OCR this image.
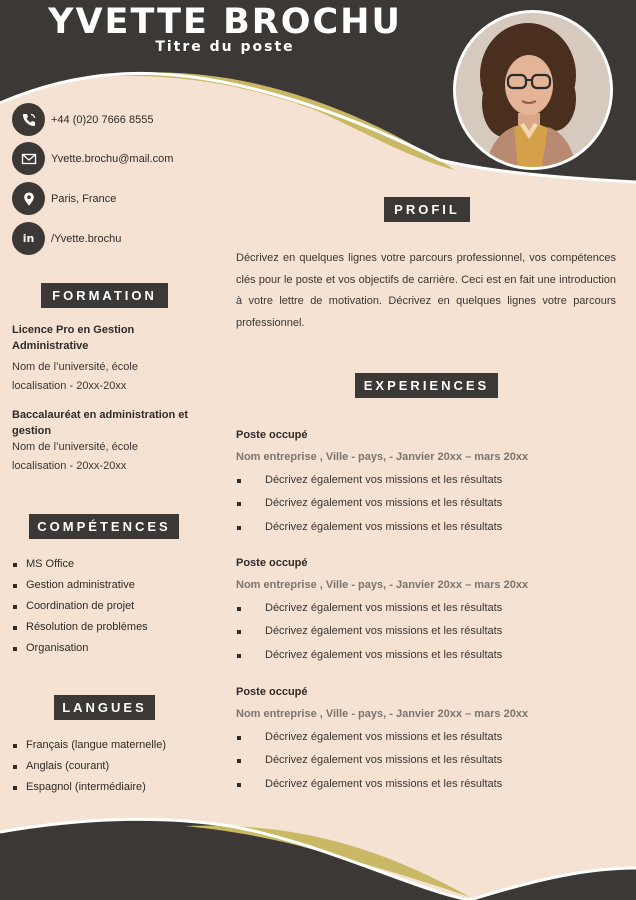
YVETTE BROCHU
Titre du poste
+44 (0)20 7666 8555
Yvette.brochu@mail.com
Paris, France
in /Yvette.brochu
FORMATION
Licence Pro en Gestion Administrative
Nom de l’université, école
localisation - 20xx-20xx
Baccalauréat en administration et gestion
Nom de l’université, école
localisation - 20xx-20xx
COMPÉTENCES
MS Office
Gestion administrative
Coordination de projet
Résolution de problèmes
Organisation
LANGUES
Français (langue maternelle)
Anglais (courant)
Espagnol (intermédiaire)
PROFIL
Décrivez en quelques lignes votre parcours professionnel, vos compétences clés pour le poste et vos objectifs de carrière. Ceci est en fait une introduction à votre lettre de motivation. Décrivez en quelques lignes votre parcours professionnel.
EXPERIENCES
Poste occupé
Nom entreprise , Ville - pays, - Janvier 20xx – mars 20xx
Décrivez également vos missions et les résultats
Décrivez également vos missions et les résultats
Décrivez également vos missions et les résultats
Poste occupé
Nom entreprise , Ville - pays, - Janvier 20xx – mars 20xx
Décrivez également vos missions et les résultats
Décrivez également vos missions et les résultats
Décrivez également vos missions et les résultats
Poste occupé
Nom entreprise , Ville - pays, - Janvier 20xx – mars 20xx
Décrivez également vos missions et les résultats
Décrivez également vos missions et les résultats
Décrivez également vos missions et les résultats
